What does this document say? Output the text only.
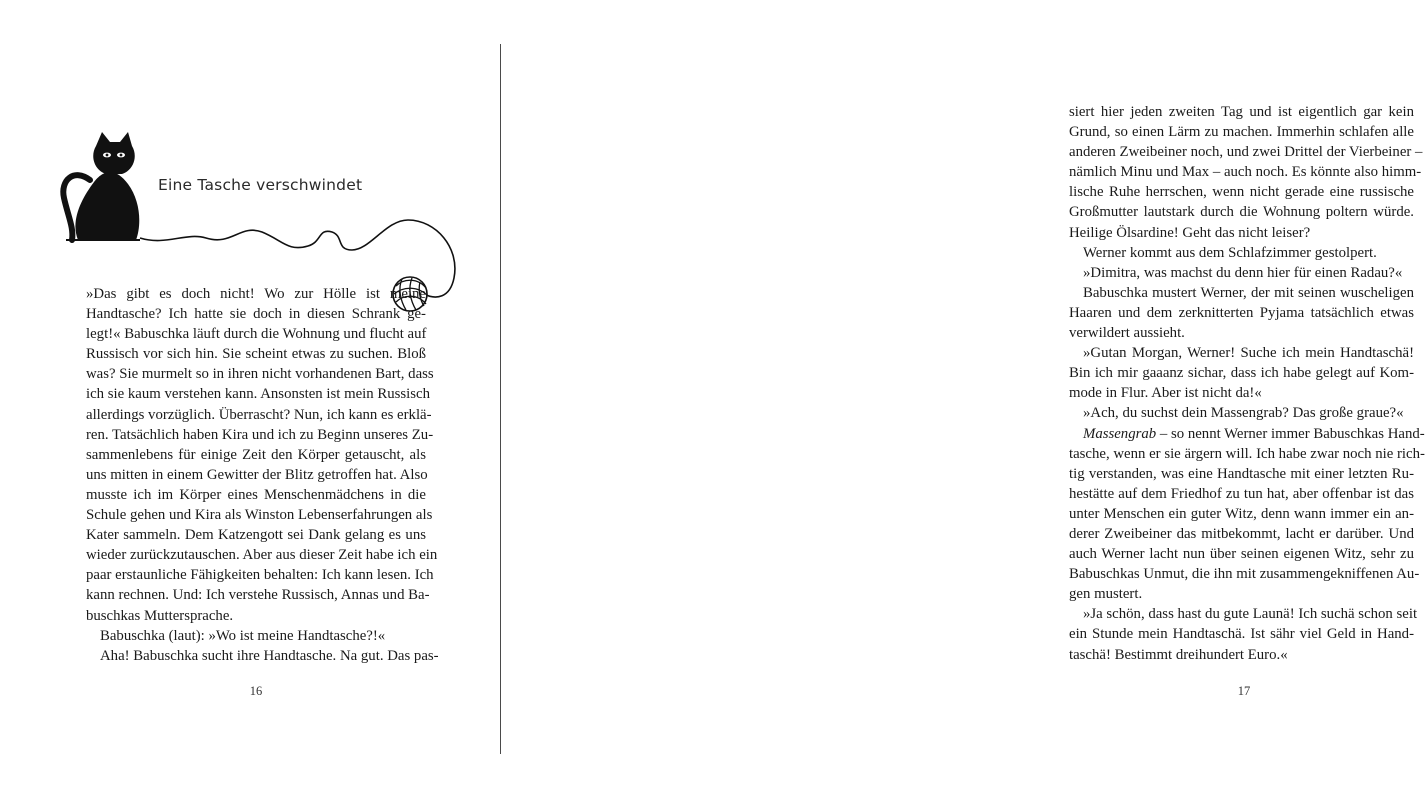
Eine Tasche verschwindet
»Das gibt es doch nicht! Wo zur Hölle ist meine
Handtasche? Ich hatte sie doch in diesen Schrank ge-
legt!« Babuschka läuft durch die Wohnung und flucht auf
Russisch vor sich hin. Sie scheint etwas zu suchen. Bloß
was? Sie murmelt so in ihren nicht vorhandenen Bart, dass
ich sie kaum verstehen kann. Ansonsten ist mein Russisch
allerdings vorzüglich. Überrascht? Nun, ich kann es erklä-
ren. Tatsächlich haben Kira und ich zu Beginn unseres Zu-
sammenlebens für einige Zeit den Körper getauscht, als
uns mitten in einem Gewitter der Blitz getroffen hat. Also
musste ich im Körper eines Menschenmädchens in die
Schule gehen und Kira als Winston Lebenserfahrungen als
Kater sammeln. Dem Katzengott sei Dank gelang es uns
wieder zurückzutauschen. Aber aus dieser Zeit habe ich ein
paar erstaunliche Fähigkeiten behalten: Ich kann lesen. Ich
kann rechnen. Und: Ich verstehe Russisch, Annas und Ba-
buschkas Muttersprache.
Babuschka (laut): »Wo ist meine Handtasche?!«
Aha! Babuschka sucht ihre Handtasche. Na gut. Das pas-
16
siert hier jeden zweiten Tag und ist eigentlich gar kein
Grund, so einen Lärm zu machen. Immerhin schlafen alle
anderen Zweibeiner noch, und zwei Drittel der Vierbeiner –
nämlich Minu und Max – auch noch. Es könnte also himm-
lische Ruhe herrschen, wenn nicht gerade eine russische
Großmutter lautstark durch die Wohnung poltern würde.
Heilige Ölsardine! Geht das nicht leiser?
Werner kommt aus dem Schlafzimmer gestolpert.
»Dimitra, was machst du denn hier für einen Radau?«
Babuschka mustert Werner, der mit seinen wuscheligen
Haaren und dem zerknitterten Pyjama tatsächlich etwas
verwildert aussieht.
»Gutan Morgan, Werner! Suche ich mein Handtaschä!
Bin ich mir gaaanz sichar, dass ich habe gelegt auf Kom-
mode in Flur. Aber ist nicht da!«
»Ach, du suchst dein Massengrab? Das große graue?«
Massengrab – so nennt Werner immer Babuschkas Hand-
tasche, wenn er sie ärgern will. Ich habe zwar noch nie rich-
tig verstanden, was eine Handtasche mit einer letzten Ru-
hestätte auf dem Friedhof zu tun hat, aber offenbar ist das
unter Menschen ein guter Witz, denn wann immer ein an-
derer Zweibeiner das mitbekommt, lacht er darüber. Und
auch Werner lacht nun über seinen eigenen Witz, sehr zu
Babuschkas Unmut, die ihn mit zusammengekniffenen Au-
gen mustert.
»Ja schön, dass hast du gute Launä! Ich suchä schon seit
ein Stunde mein Handtaschä. Ist sähr viel Geld in Hand-
taschä! Bestimmt dreihundert Euro.«
17
